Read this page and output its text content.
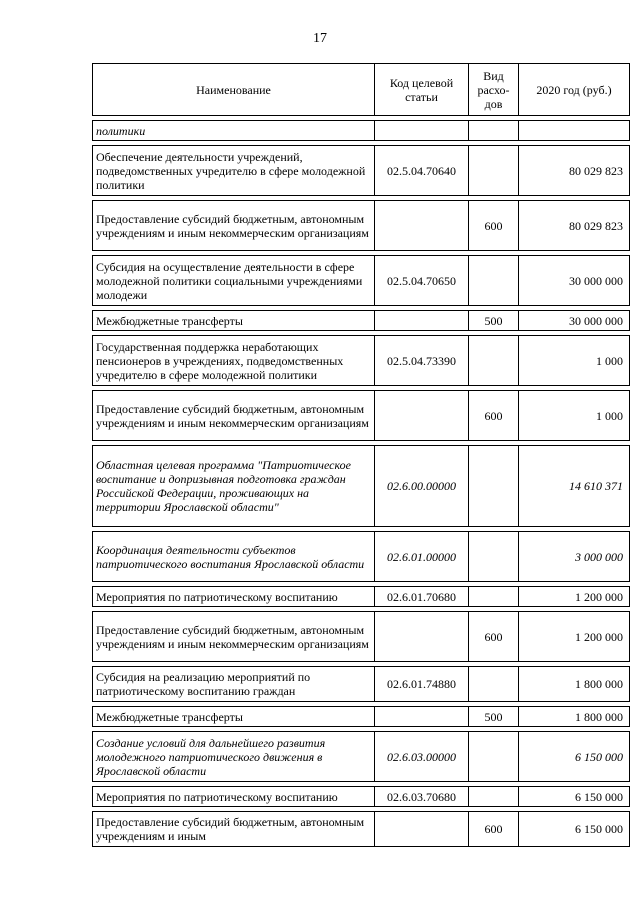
17
Наименование	Код целевой статьи	Вид расхо-дов	2020 год (руб.)

политики			

Обеспечение деятельности учреждений, подведомственных учредителю в сфере молодежной политики	02.5.04.70640		80 029 823

Предоставление субсидий бюджетным, автономным учреждениям и иным некоммерческим организациям		600	80 029 823

Субсидия на осуществление деятельности в сфере молодежной политики социальными учреждениями молодежи	02.5.04.70650		30 000 000

Межбюджетные трансферты		500	30 000 000

Государственная поддержка неработающих пенсионеров в учреждениях, подведомственных учредителю в сфере молодежной политики	02.5.04.73390		1 000

Предоставление субсидий бюджетным, автономным учреждениям и иным некоммерческим организациям		600	1 000

Областная целевая программа "Патриотическое воспитание и допризывная подготовка граждан Российской Федерации, проживающих на территории Ярославской области"	02.6.00.00000		14 610 371

Координация деятельности субъектов патриотического воспитания Ярославской области	02.6.01.00000		3 000 000

Мероприятия по патриотическому воспитанию	02.6.01.70680		1 200 000

Предоставление субсидий бюджетным, автономным учреждениям и иным некоммерческим организациям		600	1 200 000

Субсидия на реализацию мероприятий по патриотическому воспитанию граждан	02.6.01.74880		1 800 000

Межбюджетные трансферты		500	1 800 000

Создание условий для дальнейшего развития молодежного патриотического движения в Ярославской области	02.6.03.00000		6 150 000

Мероприятия по патриотическому воспитанию	02.6.03.70680		6 150 000

Предоставление субсидий бюджетным, автономным учреждениям и иным		600	6 150 000
